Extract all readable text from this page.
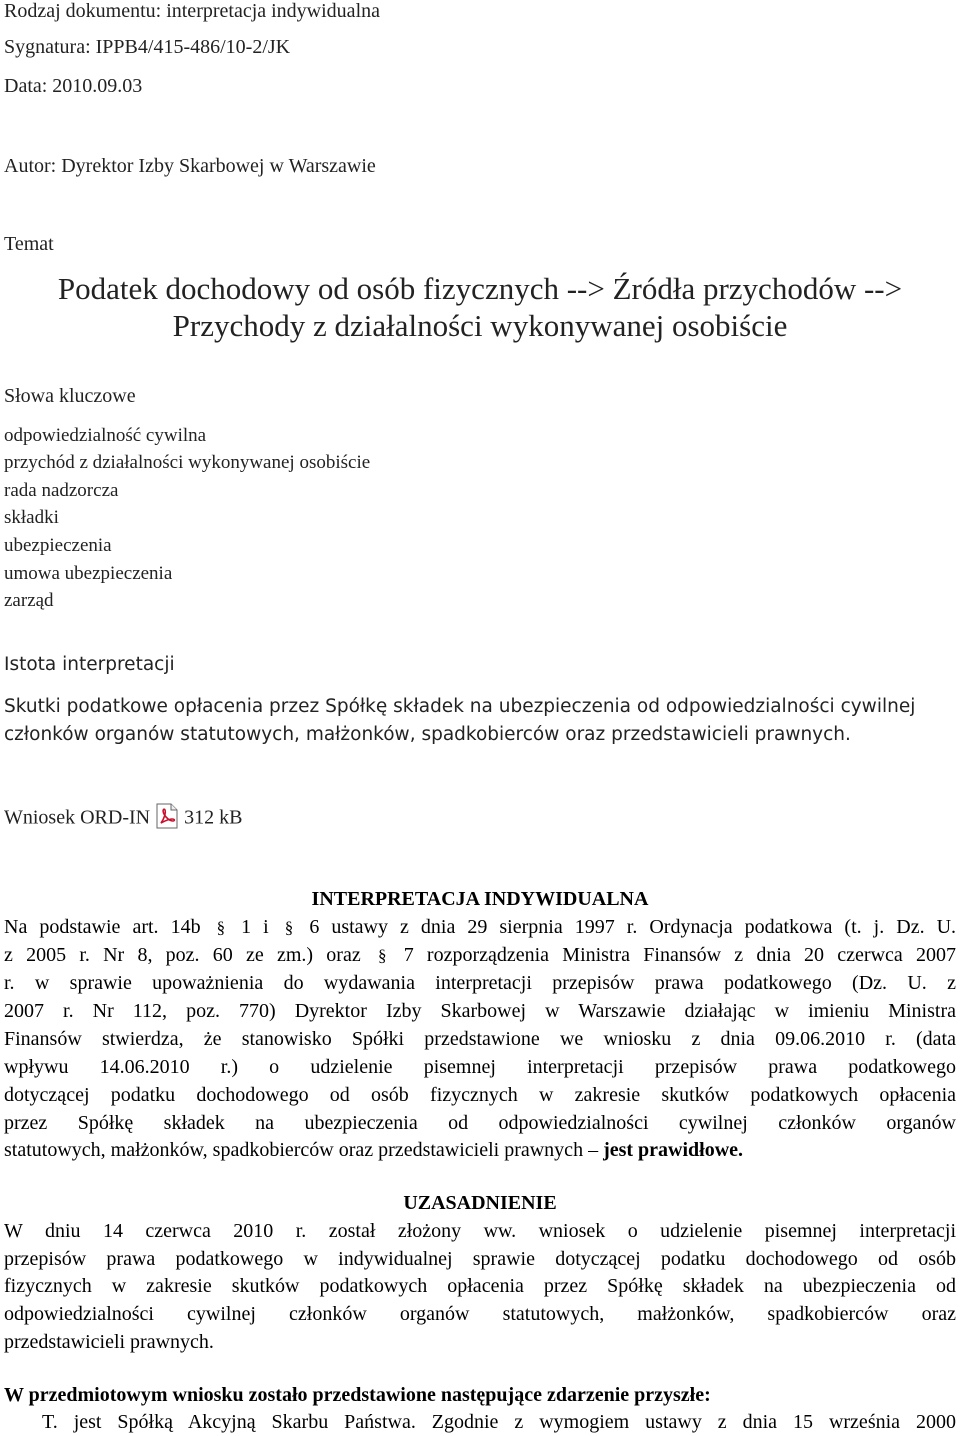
Rodzaj dokumentu: interpretacja indywidualna
Sygnatura: IPPB4/415-486/10-2/JK
Data: 2010.09.03
Autor: Dyrektor Izby Skarbowej w Warszawie
Temat
Podatek dochodowy od osób fizycznych --> Źródła przychodów -->
Przychody z działalności wykonywanej osobiście
Słowa kluczowe
odpowiedzialność cywilna
przychód z działalności wykonywanej osobiście
rada nadzorcza
składki
ubezpieczenia
umowa ubezpieczenia
zarząd
Istota interpretacji
Skutki podatkowe opłacenia przez Spółkę składek na ubezpieczenia od odpowiedzialności cywilnej
członków organów statutowych, małżonków, spadkobierców oraz przedstawicieli prawnych.
Wniosek ORD-IN 312 kB
INTERPRETACJA INDYWIDUALNA
Na podstawie art. 14b § 1 i § 6 ustawy z dnia 29 sierpnia 1997 r. Ordynacja podatkowa (t. j. Dz. U.
z 2005 r. Nr 8, poz. 60 ze zm.) oraz § 7 rozporządzenia Ministra Finansów z dnia 20 czerwca 2007
r. w sprawie upoważnienia do wydawania interpretacji przepisów prawa podatkowego (Dz. U. z
2007 r. Nr 112, poz. 770) Dyrektor Izby Skarbowej w Warszawie działając w imieniu Ministra
Finansów stwierdza, że stanowisko Spółki przedstawione we wniosku z dnia 09.06.2010 r. (data
wpływu 14.06.2010 r.) o udzielenie pisemnej interpretacji przepisów prawa podatkowego
dotyczącej podatku dochodowego od osób fizycznych w zakresie skutków podatkowych opłacenia
przez Spółkę składek na ubezpieczenia od odpowiedzialności cywilnej członków organów
statutowych, małżonków, spadkobierców oraz przedstawicieli prawnych – jest prawidłowe.
UZASADNIENIE
W dniu 14 czerwca 2010 r. został złożony ww. wniosek o udzielenie pisemnej interpretacji
przepisów prawa podatkowego w indywidualnej sprawie dotyczącej podatku dochodowego od osób
fizycznych w zakresie skutków podatkowych opłacenia przez Spółkę składek na ubezpieczenia od
odpowiedzialności cywilnej członków organów statutowych, małżonków, spadkobierców oraz
przedstawicieli prawnych.
W przedmiotowym wniosku zostało przedstawione następujące zdarzenie przyszłe:
T. jest Spółką Akcyjną Skarbu Państwa. Zgodnie z wymogiem ustawy z dnia 15 września 2000
